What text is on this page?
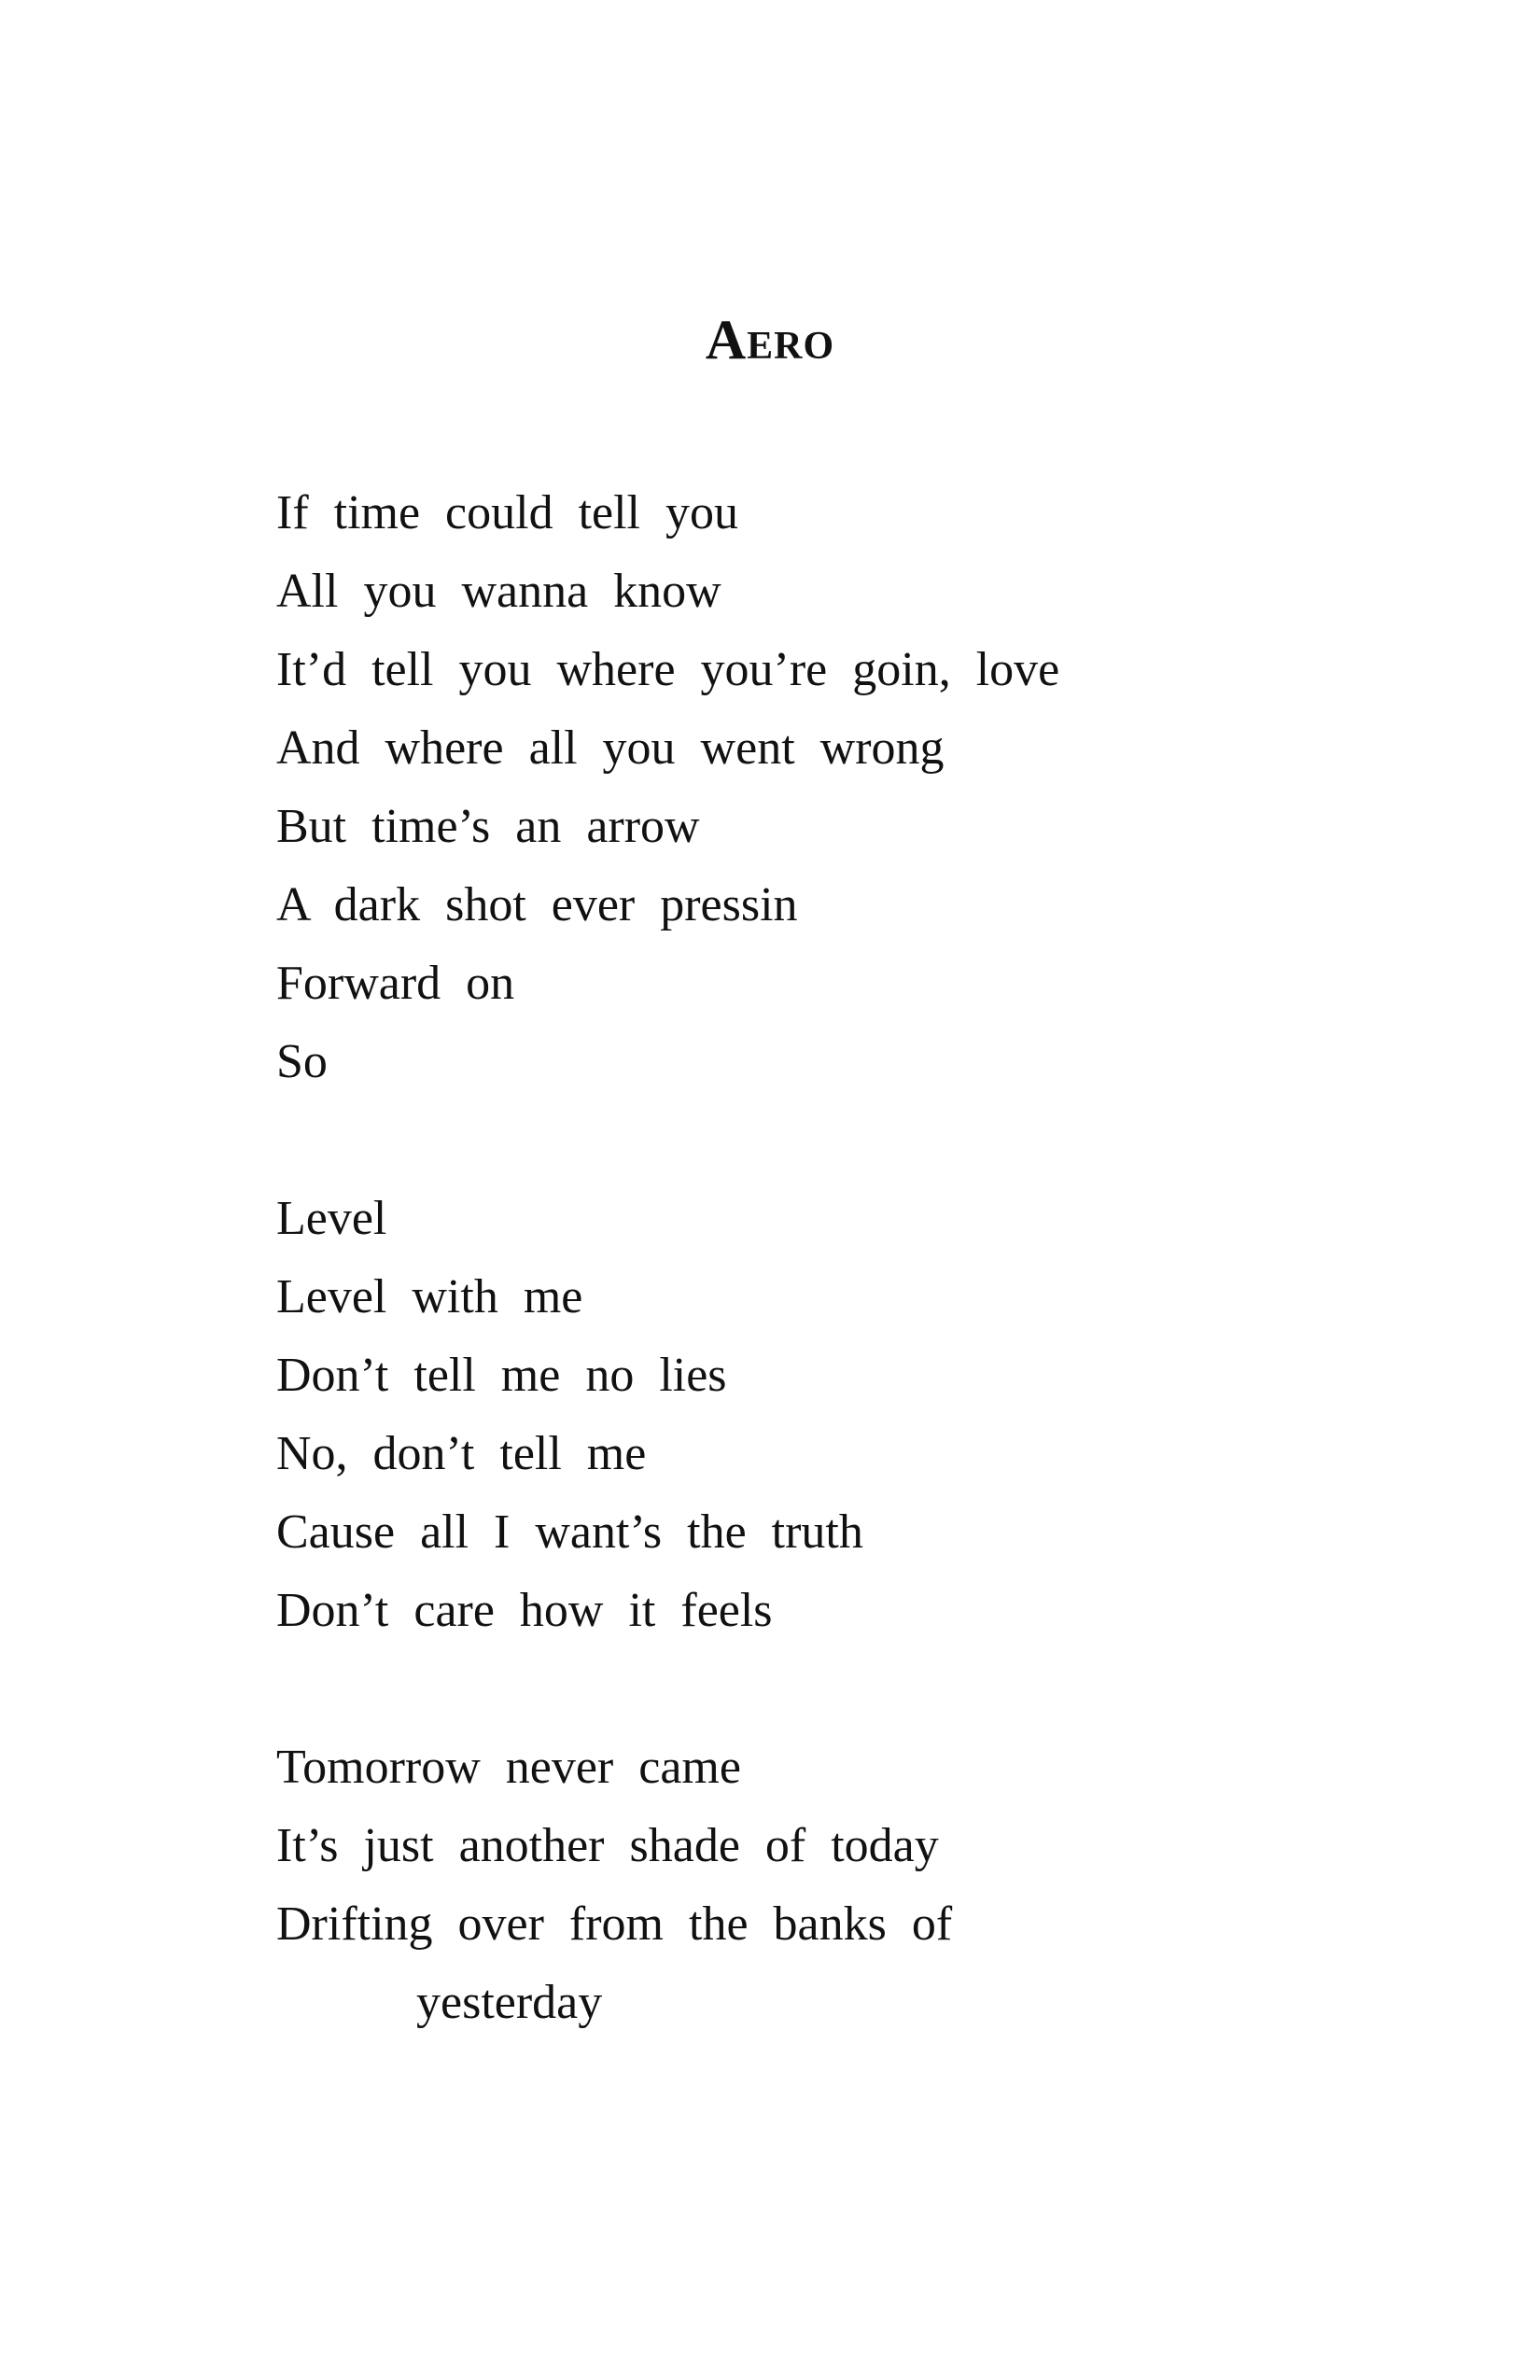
Aero
If time could tell you
All you wanna know
It’d tell you where you’re goin, love
And where all you went wrong
But time’s an arrow
A dark shot ever pressin
Forward on
So
Level
Level with me
Don’t tell me no lies
No, don’t tell me
Cause all I want’s the truth
Don’t care how it feels
Tomorrow never came
It’s just another shade of today
Drifting over from the banks of
yesterday
